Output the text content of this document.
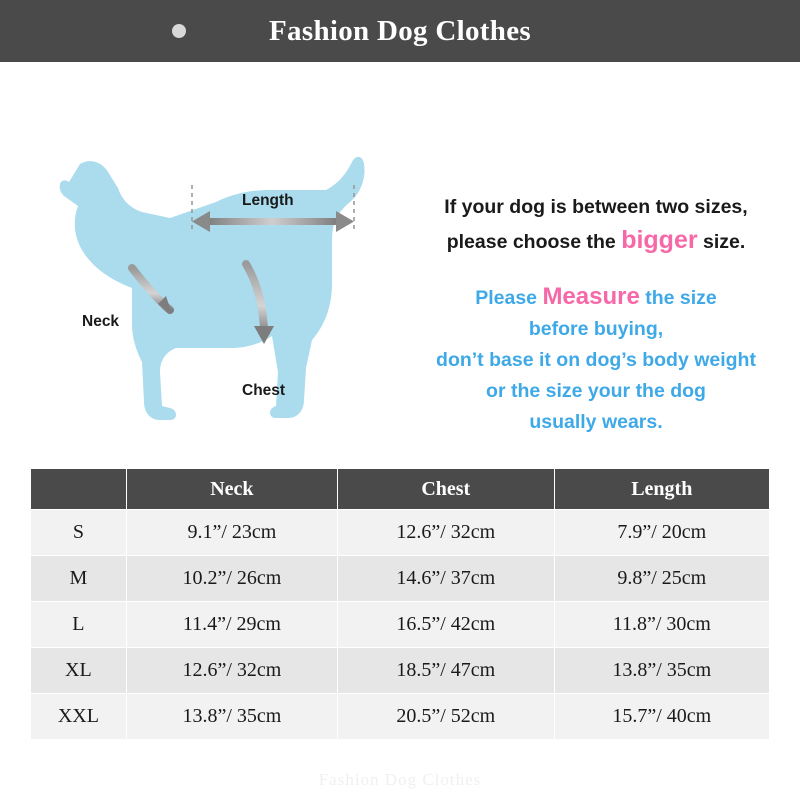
Fashion Dog Clothes
Length
Neck
Chest
If your dog is between two sizes,
please choose the bigger size.
Please Measure the size
before buying,
don’t base it on dog’s body weight
or the size your the dog
usually wears.
	Neck	Chest	Length
S	9.1”/ 23cm	12.6”/ 32cm	7.9”/ 20cm
M	10.2”/ 26cm	14.6”/ 37cm	9.8”/ 25cm
L	11.4”/ 29cm	16.5”/ 42cm	11.8”/ 30cm
XL	12.6”/ 32cm	18.5”/ 47cm	13.8”/ 35cm
XXL	13.8”/ 35cm	20.5”/ 52cm	15.7”/ 40cm
Fashion Dog Clothes
